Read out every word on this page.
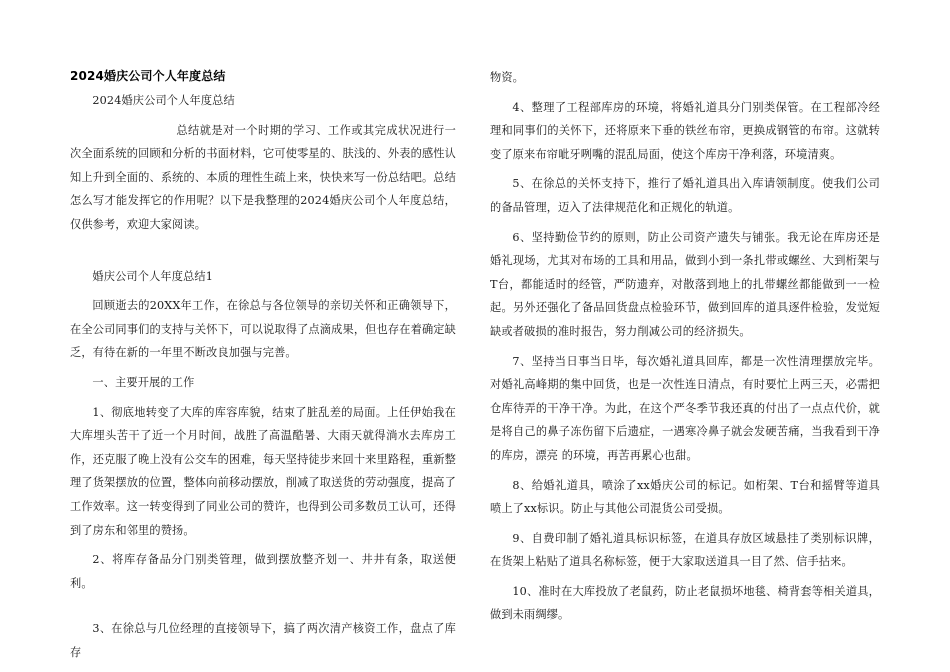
2024婚庆公司个人年度总结
2024婚庆公司个人年度总结
总结就是对一个时期的学习、工作或其完成状况进行一次全面系统的回顾和分析的书面材料，它可使零星的、肤浅的、外表的感性认知上升到全面的、系统的、本质的理性生疏上来，快快来写一份总结吧。总结怎么写才能发挥它的作用呢？以下是我整理的2024婚庆公司个人年度总结，仅供参考，欢迎大家阅读。
婚庆公司个人年度总结1
回顾逝去的20XX年工作，在徐总与各位领导的亲切关怀和正确领导下，在全公司同事们的支持与关怀下，可以说取得了点滴成果，但也存在着确定缺乏，有待在新的一年里不断改良加强与完善。
一、主要开展的工作
1、彻底地转变了大库的库容库貌，结束了脏乱差的局面。上任伊始我在大库埋头苦干了近一个月时间，战胜了高温酷暑、大雨天就得淌水去库房工作，还克服了晚上没有公交车的困难，每天坚持徒步来回十来里路程，重新整理了货架摆放的位置，整体向前移动摆放，削减了取送货的劳动强度，提高了工作效率。这一转变得到了同业公司的赞许，也得到公司多数员工认可，还得到了房东和邻里的赞扬。
2、将库存备品分门别类管理，做到摆放整齐划一、井井有条，取送便利。
3、在徐总与几位经理的直接领导下，搞了两次清产核资工作，盘点了库存
物资。
4、整理了工程部库房的环境，将婚礼道具分门别类保管。在工程部冷经理和同事们的关怀下，还将原来下垂的铁丝布帘，更换成钢管的布帘。这就转变了原来布帘呲牙咧嘴的混乱局面，使这个库房干净利落，环境清爽。
5、在徐总的关怀支持下，推行了婚礼道具出入库请领制度。使我们公司的备品管理，迈入了法律规范化和正规化的轨道。
6、坚持勤俭节约的原则，防止公司资产遗失与铺张。我无论在库房还是婚礼现场，尤其对布场的工具和用品，做到小到一条扎带或螺丝、大到桁架与T台，都能适时的经管，严防遗弃，对散落到地上的扎带螺丝都能做到一一检起。另外还强化了备品回货盘点检验环节，做到回库的道具逐件检验，发觉短缺或者破损的准时报告，努力削减公司的经济损失。
7、坚持当日事当日毕，每次婚礼道具回库，都是一次性清理摆放完毕。对婚礼高峰期的集中回货，也是一次性连日清点，有时要忙上两三天，必需把仓库待弄的干净干净。为此，在这个严冬季节我还真的付出了一点点代价，就是将自己的鼻子冻伤留下后遗症，一遇寒冷鼻子就会发硬苦痛，当我看到干净的库房，漂亮 的环境，再苦再累心也甜。
8、给婚礼道具，喷涂了xx婚庆公司的标记。如桁架、T台和摇臂等道具喷上了xx标识。防止与其他公司混货公司受损。
9、自费印制了婚礼道具标识标签，在道具存放区域悬挂了类别标识牌，在货架上粘贴了道具名称标签，便于大家取送道具一目了然、信手拈来。
10、准时在大库投放了老鼠药，防止老鼠损坏地毯、椅背套等相关道具，做到未雨绸缪。
